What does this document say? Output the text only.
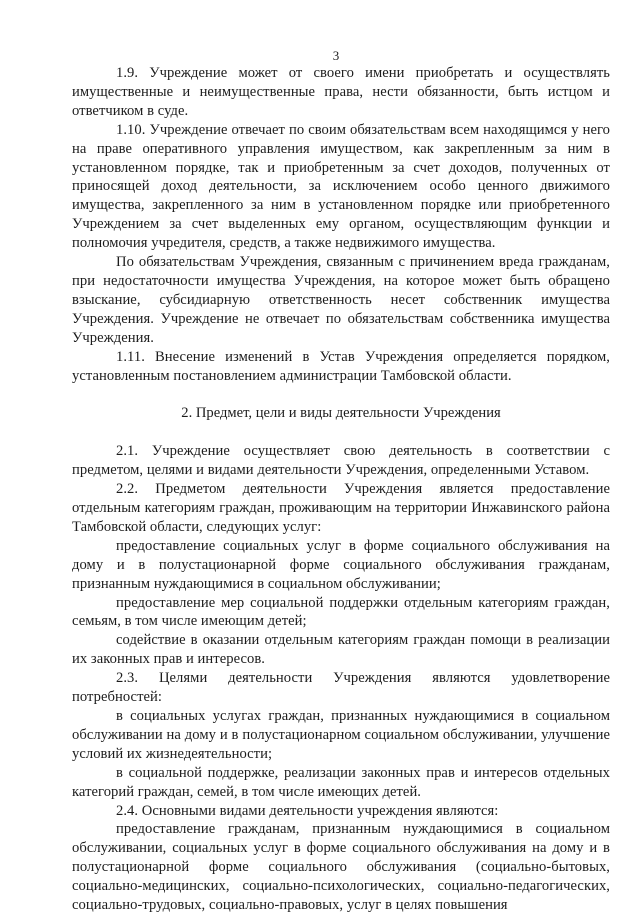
3

1.9. Учреждение может от своего имени приобретать и осуществлять имущественные и неимущественные права, нести обязанности, быть истцом и ответчиком в суде.

1.10. Учреждение отвечает по своим обязательствам всем находящимся у него на праве оперативного управления имуществом, как закрепленным за ним в установленном порядке, так и приобретенным за счет доходов, полученных от приносящей доход деятельности, за исключением особо ценного движимого имущества, закрепленного за ним в установленном порядке или приобретенного Учреждением за счет выделенных ему органом, осуществляющим функции и полномочия учредителя, средств, а также недвижимого имущества.

По обязательствам Учреждения, связанным с причинением вреда гражданам, при недостаточности имущества Учреждения, на которое может быть обращено взыскание, субсидиарную ответственность несет собственник имущества Учреждения. Учреждение не отвечает по обязательствам собственника имущества Учреждения.

1.11. Внесение изменений в Устав Учреждения определяется порядком, установленным постановлением администрации Тамбовской области.

2. Предмет, цели и виды деятельности Учреждения

2.1. Учреждение осуществляет свою деятельность в соответствии с предметом, целями и видами деятельности Учреждения, определенными Уставом.

2.2. Предметом деятельности Учреждения является предоставление отдельным категориям граждан, проживающим на территории Инжавинского района Тамбовской области, следующих услуг:

предоставление социальных услуг в форме социального обслуживания на дому и в полустационарной форме социального обслуживания гражданам, признанным нуждающимися в социальном обслуживании;

предоставление мер социальной поддержки отдельным категориям граждан, семьям, в том числе имеющим детей;

содействие в оказании отдельным категориям граждан помощи в реализации их законных прав и интересов.

2.3. Целями деятельности Учреждения являются удовлетворение потребностей:

в социальных услугах граждан, признанных нуждающимися в социальном обслуживании на дому и в полустационарном социальном обслуживании, улучшение условий их жизнедеятельности;

в социальной поддержке, реализации законных прав и интересов отдельных категорий граждан, семей, в том числе имеющих детей.

2.4. Основными видами деятельности учреждения являются:

предоставление гражданам, признанным нуждающимися в социальном обслуживании, социальных услуг в форме социального обслуживания на дому и в полустационарной форме социального обслуживания (социально-бытовых, социально-медицинских, социально-психологических, социально-педагогических, социально-трудовых, социально-правовых, услуг в целях повышения
